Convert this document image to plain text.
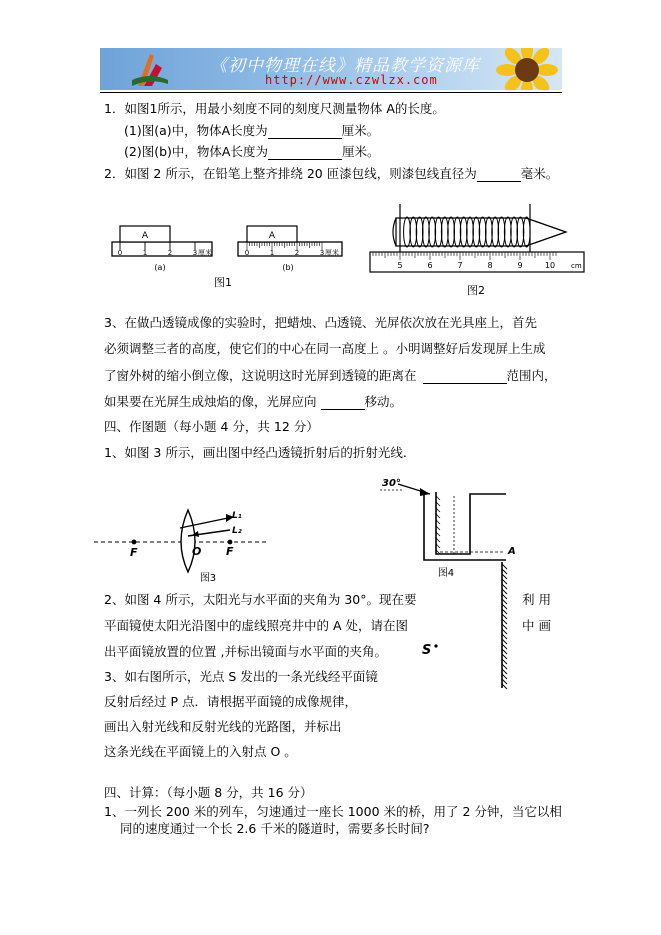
《初中物理在线》精品教学资源库
http://www.czwlzx.com
1．如图1所示，用最小刻度不同的刻度尺测量物体 A的长度。
(1)图(a)中，物体A长度为	厘米。
(2)图(b)中，物体A长度为	厘米。
2．如图 2 所示，在铅笔上整齐排绕 20 匝漆包线，则漆包线直径为	毫米。
A
0	1	2	3 厘米
(a)
A
0	1	2	3 厘米
(b)
图1
5	6	7	8	9	10 cm
图2
3、在做凸透镜成像的实验时，把蜡烛、凸透镜、光屏依次放在光具座上，首先
必须调整三者的高度，使它们的中心在同一高度上 。小明调整好后发现屏上生成
了窗外树的缩小倒立像，这说明这时光屏到透镜的距离在	范围内，
如果要在光屏生成烛焰的像，光屏应向	移动。
四、作图题（每小题 4 分，共 12 分）
1、如图 3 所示，画出图中经凸透镜折射后的折射光线.
F	O F
L₁
L₂
图3
30°
A
图4
2、如图 4 所示，太阳光与水平面的夹角为 30°。现在要	利 用
平面镜使太阳光沿图中的虚线照亮井中的 A 处，请在图	中 画
出平面镜放置的位置 ,并标出镜面与水平面的夹角。	S
3、如右图所示，光点 S 发出的一条光线经平面镜
反射后经过 P 点．请根据平面镜的成像规律，
画出入射光线和反射光线的光路图，并标出
这条光线在平面镜上的入射点 O 。
四、计算：（每小题 8 分，共 16 分）
1、一列长 200 米的列车，匀速通过一座长 1000 米的桥，用了 2 分钟，当它以相
同的速度通过一个长 2.6 千米的隧道时，需要多长时间?
